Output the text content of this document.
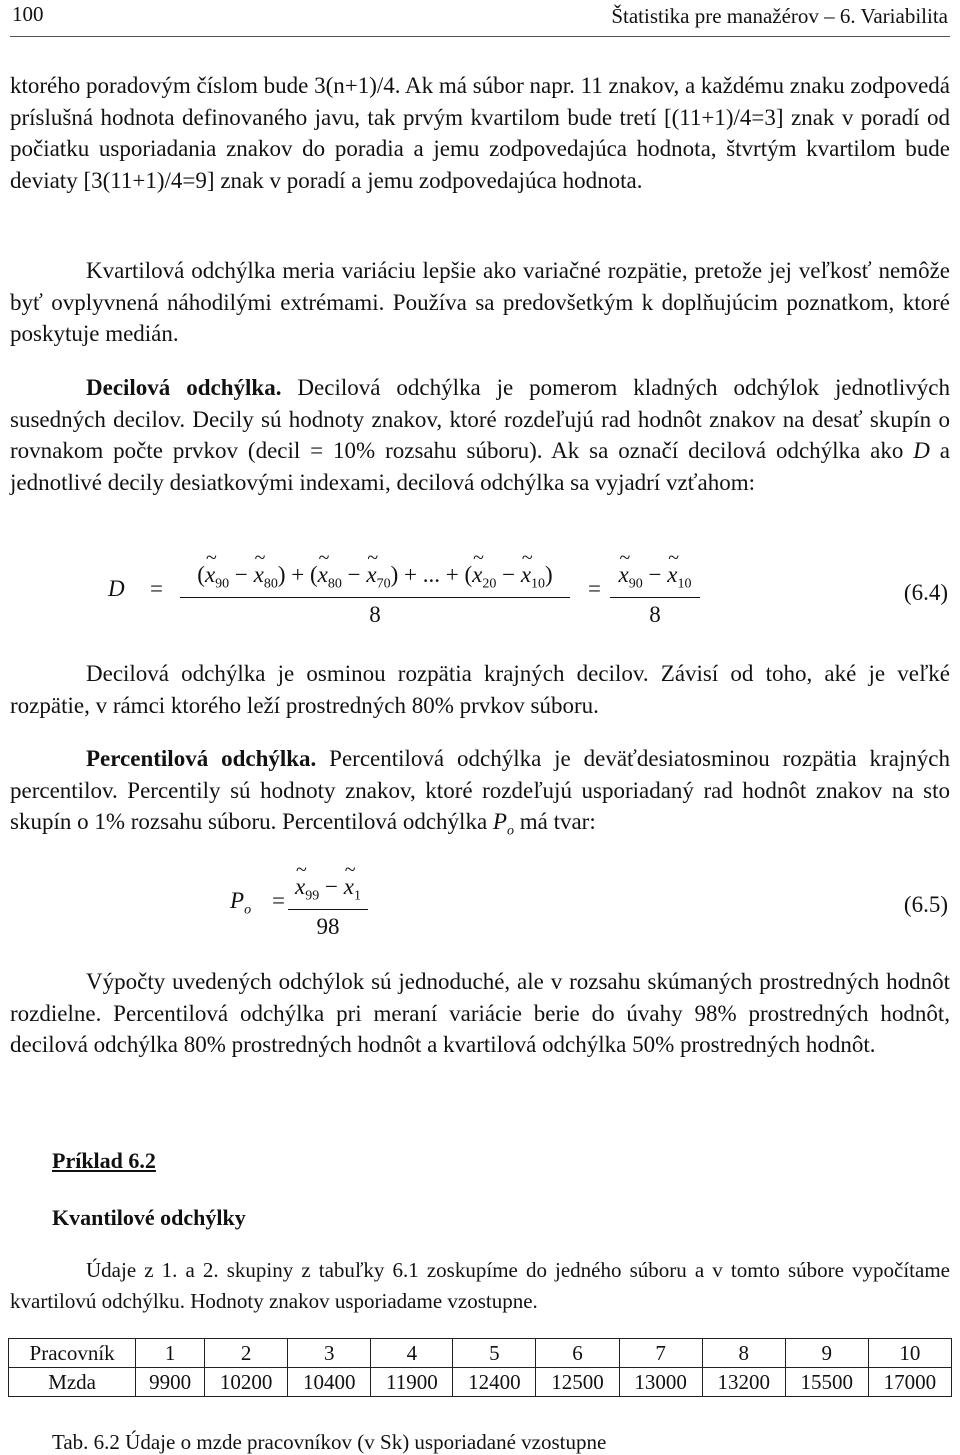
100	Štatistika pre manažérov – 6. Variabilita

ktorého poradovým číslom bude 3(n+1)/4. Ak má súbor napr. 11 znakov, a každému znaku zodpovedá príslušná hodnota definovaného javu, tak prvým kvartilom bude tretí [(11+1)/4=3] znak v poradí od počiatku usporiadania znakov do poradia a jemu zodpovedajúca hodnota, štvrtým kvartilom bude deviaty [3(11+1)/4=9] znak v poradí a jemu zodpovedajúca hodnota.

Kvartilová odchýlka meria variáciu lepšie ako variačné rozpätie, pretože jej veľkosť nemôže byť ovplyvnená náhodilými extrémami. Používa sa predovšetkým k doplňujúcim poznatkom, ktoré poskytuje medián.

Decilová odchýlka. Decilová odchýlka je pomerom kladných odchýlok jednotlivých susedných decilov. Decily sú hodnoty znakov, ktoré rozdeľujú rad hodnôt znakov na desať skupín o rovnakom počte prvkov (decil = 10% rozsahu súboru). Ak sa označí decilová odchýlka ako D a jednotlivé decily desiatkovými indexami, decilová odchýlka sa vyjadrí vzťahom:

D =
(~ $x_{90}$ − ~ $x_{80}$) + (~ $x_{80}$ − ~ $x_{70}$) + ... + (~ $x_{20}$ − ~ $x_{10}$)
8
=
~ $x_{90}$ − ~ $x_{10}$
8
(6.4)

Decilová odchýlka je osminou rozpätia krajných decilov. Závisí od toho, aké je veľké rozpätie, v rámci ktorého leží prostredných 80% prvkov súboru.

Percentilová odchýlka. Percentilová odchýlka je deväťdesiatosminou rozpätia krajných percentilov. Percentily sú hodnoty znakov, ktoré rozdeľujú usporiadaný rad hodnôt znakov na sto skupín o 1% rozsahu súboru. Percentilová odchýlka $P_o$ má tvar:

$P_o$ =
~ $x_{99}$ − ~ $x_1$
98
(6.5)

Výpočty uvedených odchýlok sú jednoduché, ale v rozsahu skúmaných prostredných hodnôt rozdielne. Percentilová odchýlka pri meraní variácie berie do úvahy 98% prostredných hodnôt, decilová odchýlka 80% prostredných hodnôt a kvartilová odchýlka 50% prostredných hodnôt.

Príklad 6.2
Kvantilové odchýlky

Údaje z 1. a 2. skupiny z tabuľky 6.1 zoskupíme do jedného súboru a v tomto súbore vypočítame kvartilovú odchýlku. Hodnoty znakov usporiadame vzostupne.

Pracovník	1	2	3	4	5	6	7	8	9	10
Mzda	9900	10200	10400	11900	12400	12500	13000	13200	15500	17000
Tab. 6.2 Údaje o mzde pracovníkov (v Sk) usporiadané vzostupne
